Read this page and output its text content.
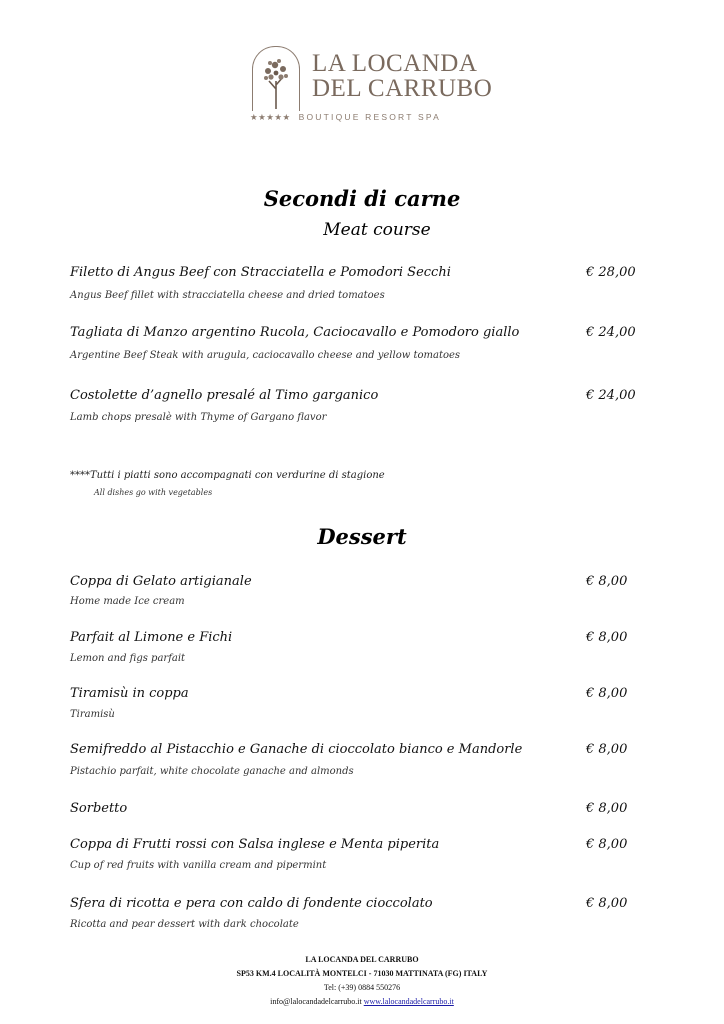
LA LOCANDA
DEL CARRUBO
★★★★★ BOUTIQUE RESORT SPA
Secondi di carne
Meat course
Filetto di Angus Beef con Stracciatella e Pomodori Secchi	€ 28,00
Angus Beef fillet with stracciatella cheese and dried tomatoes
Tagliata di Manzo argentino Rucola, Caciocavallo e Pomodoro giallo	€ 24,00
Argentine Beef Steak with arugula, caciocavallo cheese and yellow tomatoes
Costolette d’agnello presalé al Timo garganico	€ 24,00
Lamb chops presalè with Thyme of Gargano flavor
****Tutti i piatti sono accompagnati con verdurine di stagione
All dishes go with vegetables
Dessert
Coppa di Gelato artigianale	€ 8,00
Home made Ice cream
Parfait al Limone e Fichi	€ 8,00
Lemon and figs parfait
Tiramisù in coppa	€ 8,00
Tiramisù
Semifreddo al Pistacchio e Ganache di cioccolato bianco e Mandorle	€ 8,00
Pistachio parfait, white chocolate ganache and almonds
Sorbetto	€ 8,00
Coppa di Frutti rossi con Salsa inglese e Menta piperita	€ 8,00
Cup of red fruits with vanilla cream and pipermint
Sfera di ricotta e pera con caldo di fondente cioccolato	€ 8,00
Ricotta and pear dessert with dark chocolate
LA LOCANDA DEL CARRUBO
SP53 KM.4 LOCALITÀ MONTELCI - 71030 MATTINATA (FG) ITALY
Tel: (+39) 0884 550276
info@lalocandadelcarrubo.it www.lalocandadelcarrubo.it
